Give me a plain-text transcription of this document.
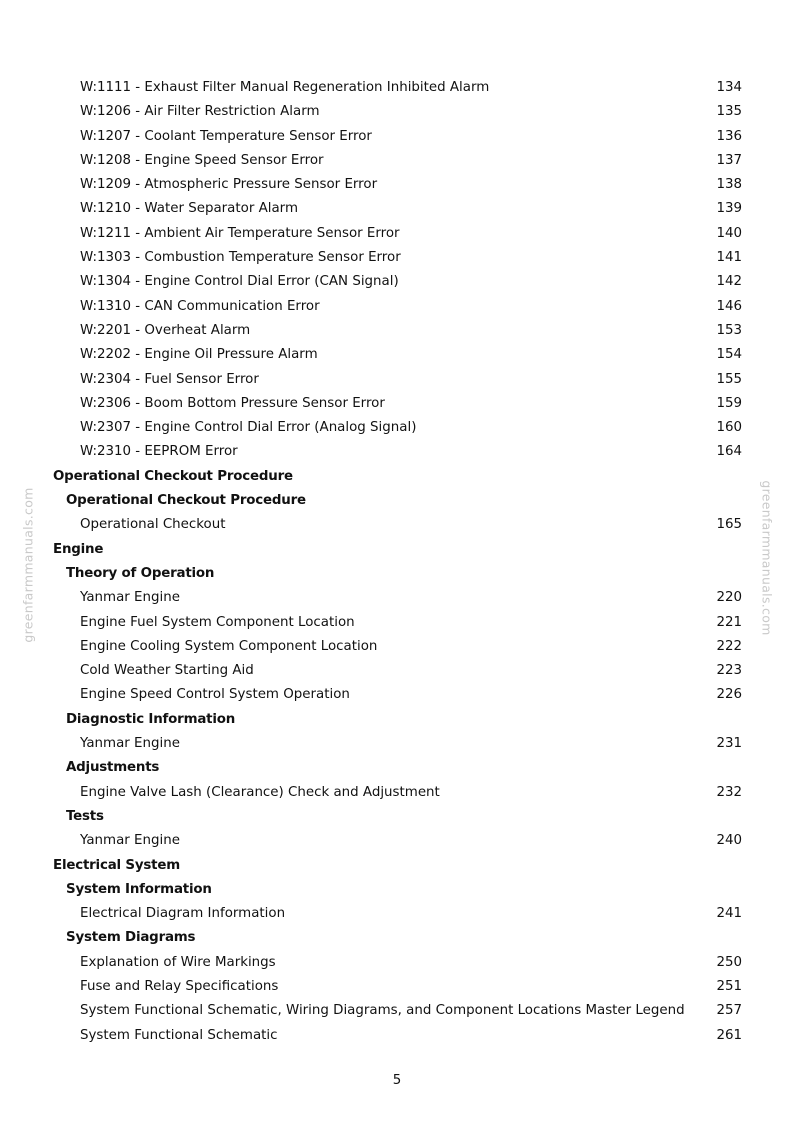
greenfarmmanuals.com	greenfarmmanuals.com
W:1111 - Exhaust Filter Manual Regeneration Inhibited Alarm	134
W:1206 - Air Filter Restriction Alarm	135
W:1207 - Coolant Temperature Sensor Error	136
W:1208 - Engine Speed Sensor Error	137
W:1209 - Atmospheric Pressure Sensor Error	138
W:1210 - Water Separator Alarm	139
W:1211 - Ambient Air Temperature Sensor Error	140
W:1303 - Combustion Temperature Sensor Error	141
W:1304 - Engine Control Dial Error (CAN Signal)	142
W:1310 - CAN Communication Error	146
W:2201 - Overheat Alarm	153
W:2202 - Engine Oil Pressure Alarm	154
W:2304 - Fuel Sensor Error	155
W:2306 - Boom Bottom Pressure Sensor Error	159
W:2307 - Engine Control Dial Error (Analog Signal)	160
W:2310 - EEPROM Error	164
Operational Checkout Procedure
Operational Checkout Procedure
Operational Checkout	165
Engine
Theory of Operation
Yanmar Engine	220
Engine Fuel System Component Location	221
Engine Cooling System Component Location	222
Cold Weather Starting Aid	223
Engine Speed Control System Operation	226
Diagnostic Information
Yanmar Engine	231
Adjustments
Engine Valve Lash (Clearance) Check and Adjustment	232
Tests
Yanmar Engine	240
Electrical System
System Information
Electrical Diagram Information	241
System Diagrams
Explanation of Wire Markings	250
Fuse and Relay Specifications	251
System Functional Schematic, Wiring Diagrams, and Component Locations Master Legend 257
System Functional Schematic	261
5
